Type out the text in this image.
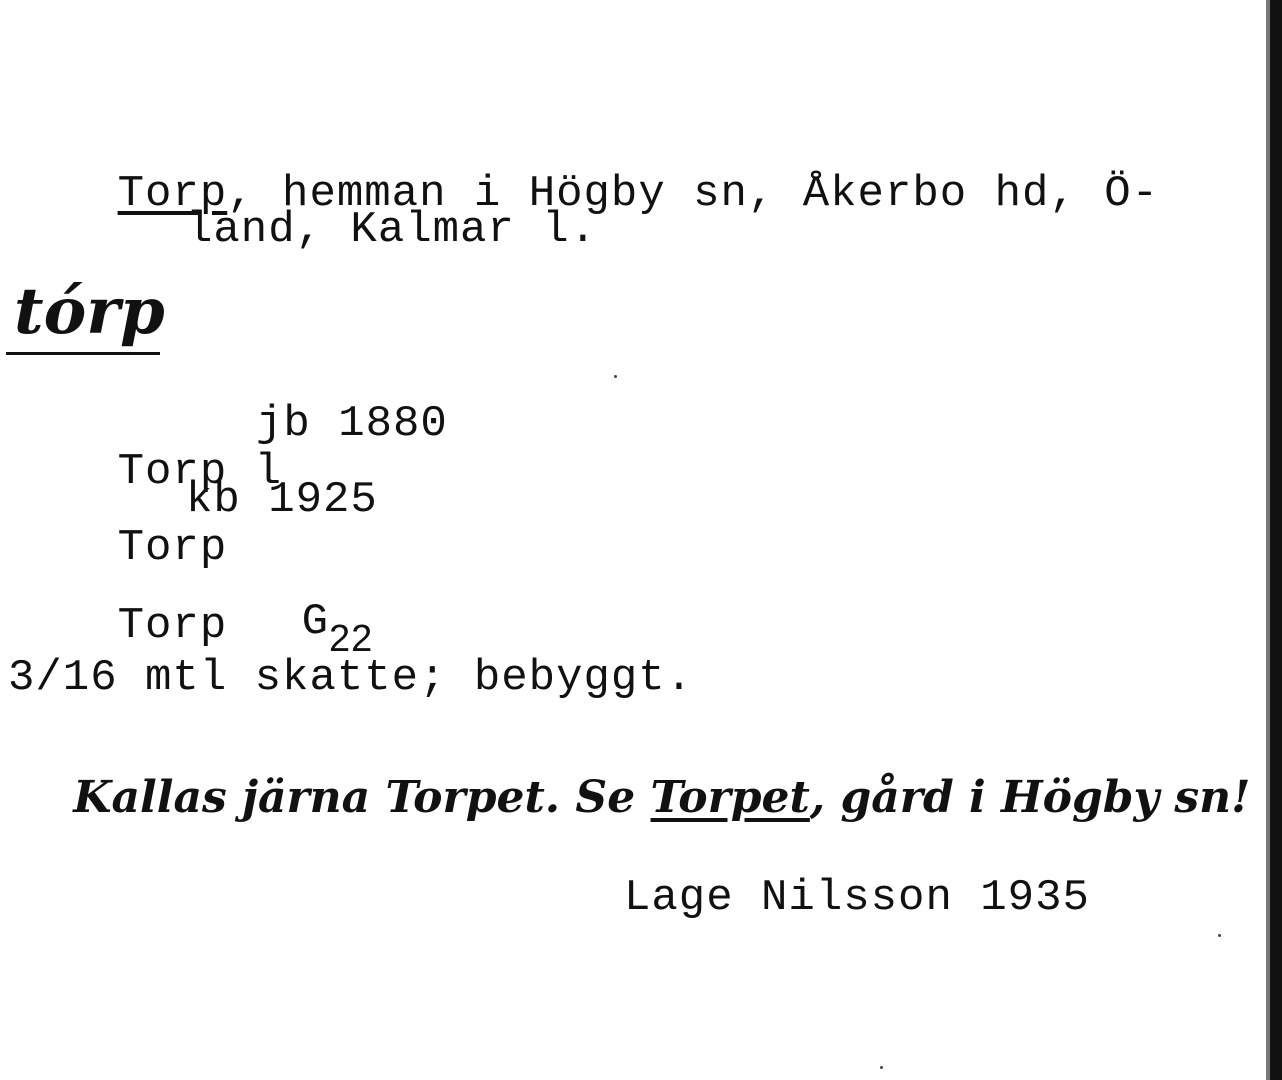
Torp, hemman i Högby sn, Åkerbo hd, Ö-

land, Kalmar l.
tórp

Torp l

jb 1880

Torp

kb 1925

Torp
	G22

3/16 mtl skatte; bebyggt.

Kallas järna Torpet. Se Torpet, gård i Högby sn!

Lage Nilsson 1935
